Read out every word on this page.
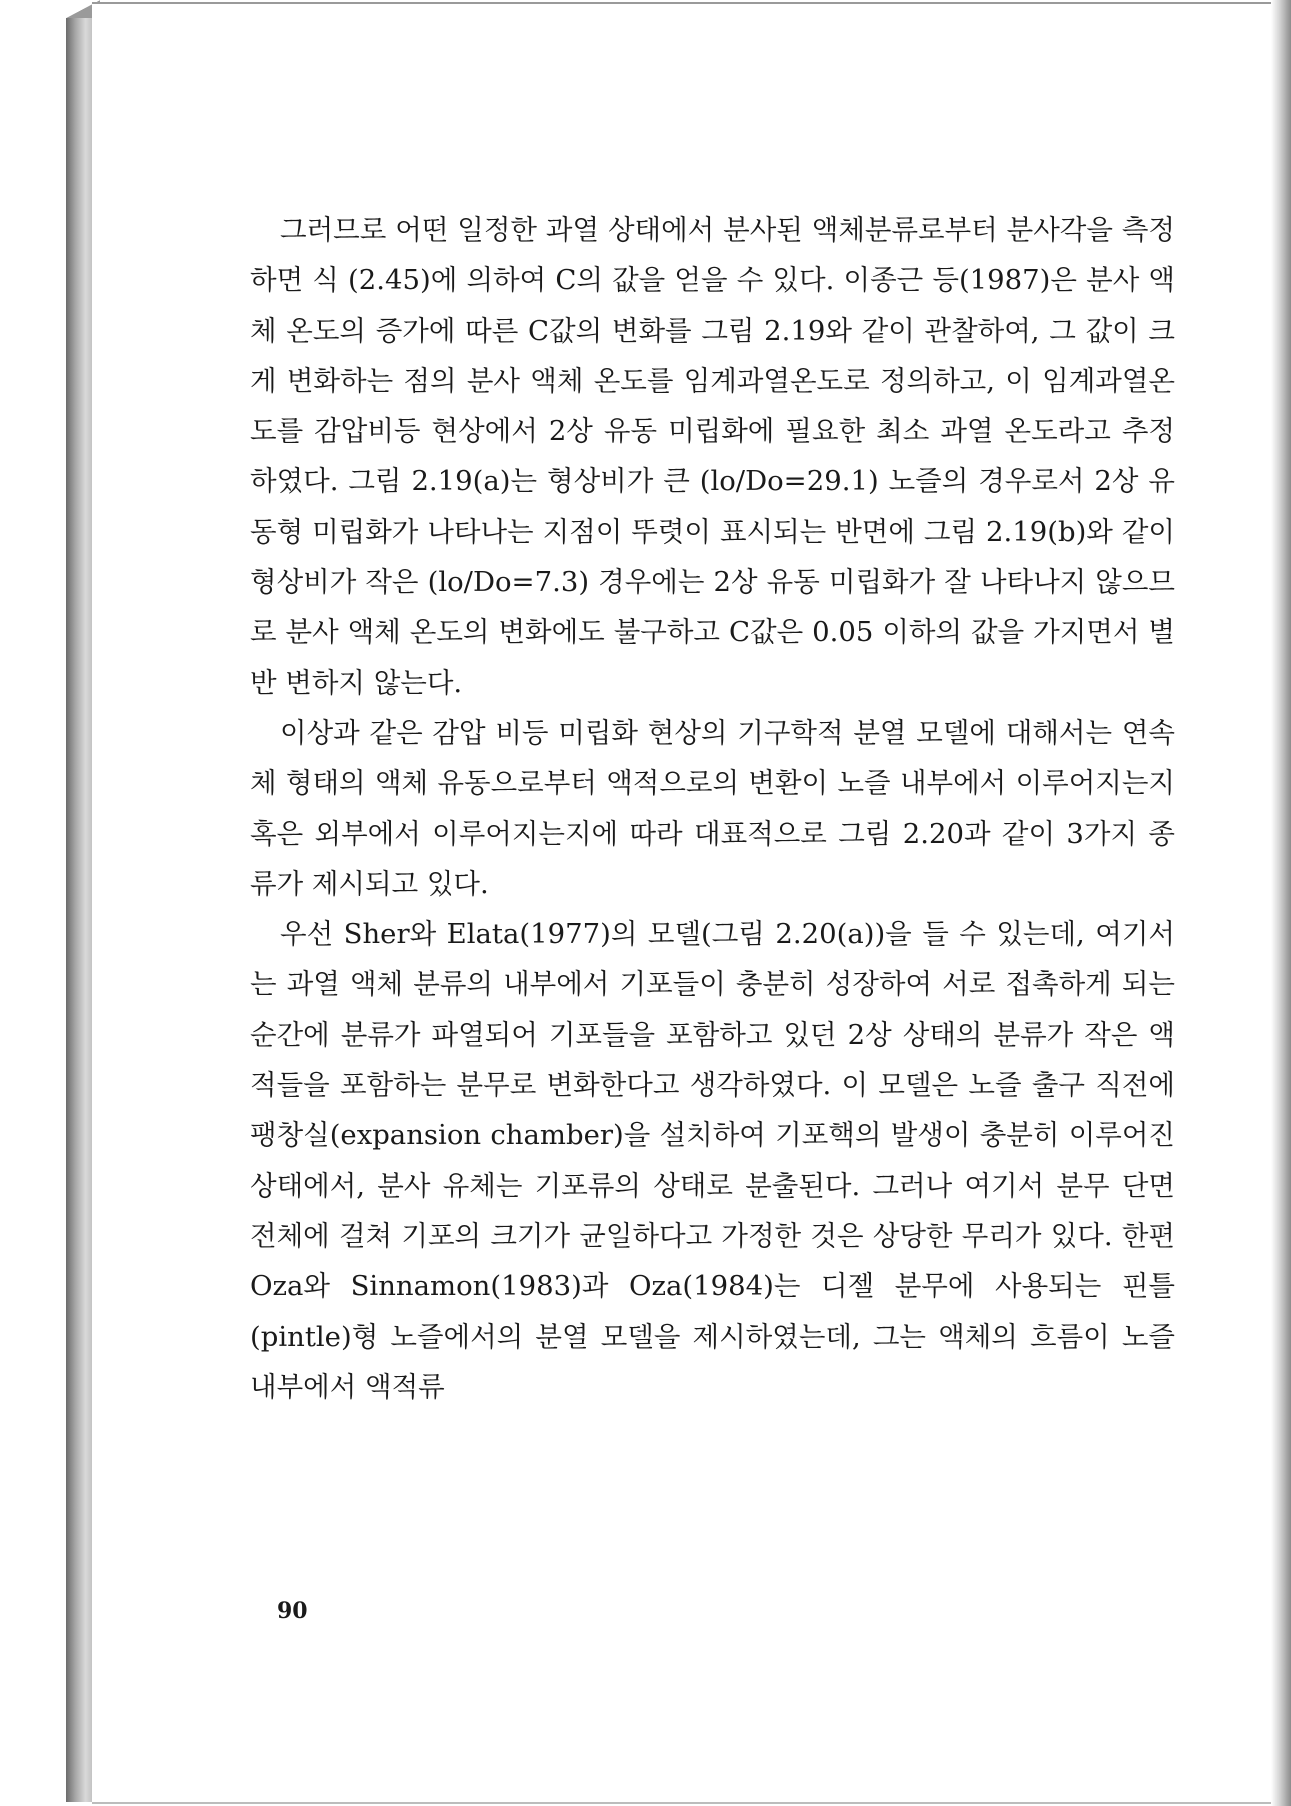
그러므로 어떤 일정한 과열 상태에서 분사된 액체분류로부터 분사각을 측정하면 식 (2.45)에 의하여 C의 값을 얻을 수 있다. 이종근 등(1987)은 분사 액체 온도의 증가에 따른 C값의 변화를 그림 2.19와 같이 관찰하여, 그 값이 크게 변화하는 점의 분사 액체 온도를 임계과열온도로 정의하고, 이 임계과열온도를 감압비등 현상에서 2상 유동 미립화에 필요한 최소 과열 온도라고 추정하였다. 그림 2.19(a)는 형상비가 큰 (lo/Do=29.1) 노즐의 경우로서 2상 유동형 미립화가 나타나는 지점이 뚜렷이 표시되는 반면에 그림 2.19(b)와 같이 형상비가 작은 (lo/Do=7.3) 경우에는 2상 유동 미립화가 잘 나타나지 않으므로 분사 액체 온도의 변화에도 불구하고 C값은 0.05 이하의 값을 가지면서 별반 변하지 않는다.

이상과 같은 감압 비등 미립화 현상의 기구학적 분열 모델에 대해서는 연속체 형태의 액체 유동으로부터 액적으로의 변환이 노즐 내부에서 이루어지는지 혹은 외부에서 이루어지는지에 따라 대표적으로 그림 2.20과 같이 3가지 종류가 제시되고 있다.

우선 Sher와 Elata(1977)의 모델(그림 2.20(a))을 들 수 있는데, 여기서는 과열 액체 분류의 내부에서 기포들이 충분히 성장하여 서로 접촉하게 되는 순간에 분류가 파열되어 기포들을 포함하고 있던 2상 상태의 분류가 작은 액적들을 포함하는 분무로 변화한다고 생각하였다. 이 모델은 노즐 출구 직전에 팽창실(expansion chamber)을 설치하여 기포핵의 발생이 충분히 이루어진 상태에서, 분사 유체는 기포류의 상태로 분출된다. 그러나 여기서 분무 단면 전체에 걸쳐 기포의 크기가 균일하다고 가정한 것은 상당한 무리가 있다. 한편 Oza와 Sinnamon(1983)과 Oza(1984)는 디젤 분무에 사용되는 핀틀(pintle)형 노즐에서의 분열 모델을 제시하였는데, 그는 액체의 흐름이 노즐 내부에서 액적류

90
